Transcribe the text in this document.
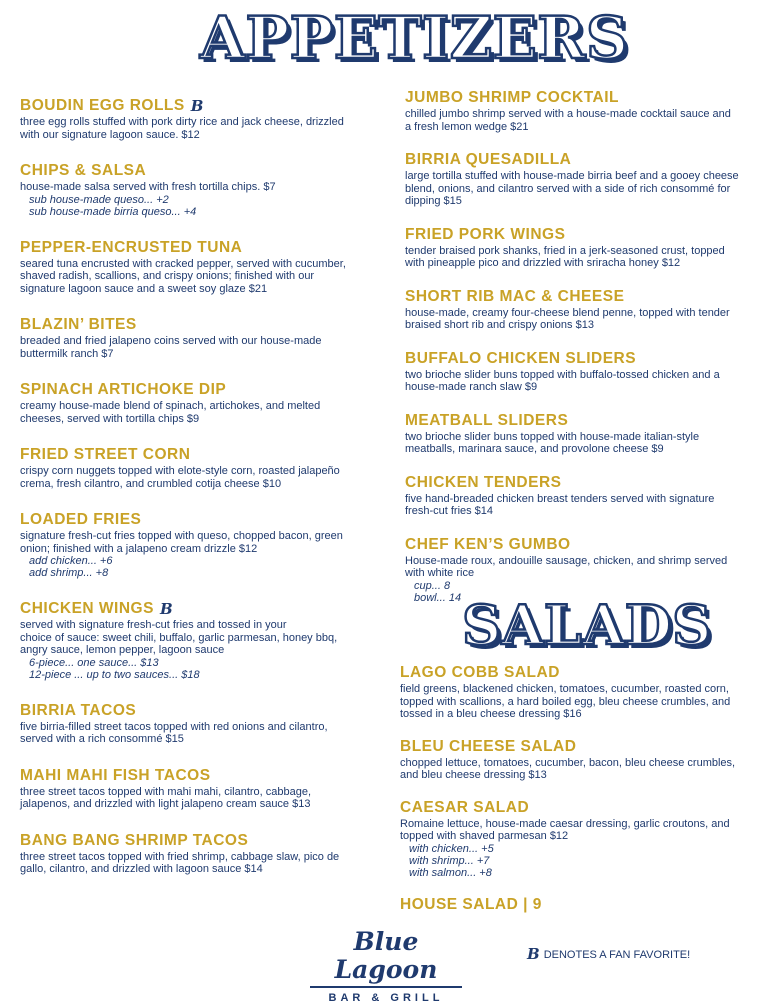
APPETIZERS
BOUDIN EGG ROLLS B
three egg rolls stuffed with pork dirty rice and jack cheese, drizzled
with our signature lagoon sauce. $12
CHIPS & SALSA
house-made salsa served with fresh tortilla chips. $7
sub house-made queso... +2
sub house-made birria queso... +4
PEPPER-ENCRUSTED TUNA
seared tuna encrusted with cracked pepper, served with cucumber,
shaved radish, scallions, and crispy onions; finished with our
signature lagoon sauce and a sweet soy glaze $21
BLAZIN’ BITES
breaded and fried jalapeno coins served with our house-made
buttermilk ranch $7
SPINACH ARTICHOKE DIP
creamy house-made blend of spinach, artichokes, and melted
cheeses, served with tortilla chips $9
FRIED STREET CORN
crispy corn nuggets topped with elote-style corn, roasted jalapeño
crema, fresh cilantro, and crumbled cotija cheese $10
LOADED FRIES
signature fresh-cut fries topped with queso, chopped bacon, green
onion; finished with a jalapeno cream drizzle $12
add chicken... +6
add shrimp... +8
CHICKEN WINGS B
served with signature fresh-cut fries and tossed in your
choice of sauce: sweet chili, buffalo, garlic parmesan, honey bbq,
angry sauce, lemon pepper, lagoon sauce
6-piece... one sauce... $13
12-piece ... up to two sauces... $18
BIRRIA TACOS
five birria-filled street tacos topped with red onions and cilantro,
served with a rich consommé $15
MAHI MAHI FISH TACOS
three street tacos topped with mahi mahi, cilantro, cabbage,
jalapenos, and drizzled with light jalapeno cream sauce $13
BANG BANG SHRIMP TACOS
three street tacos topped with fried shrimp, cabbage slaw, pico de
gallo, cilantro, and drizzled with lagoon sauce $14
JUMBO SHRIMP COCKTAIL
chilled jumbo shrimp served with a house-made cocktail sauce and
a fresh lemon wedge $21
BIRRIA QUESADILLA
large tortilla stuffed with house-made birria beef and a gooey cheese
blend, onions, and cilantro served with a side of rich consommé for
dipping $15
FRIED PORK WINGS
tender braised pork shanks, fried in a jerk-seasoned crust, topped
with pineapple pico and drizzled with sriracha honey $12
SHORT RIB MAC & CHEESE
house-made, creamy four-cheese blend penne, topped with tender
braised short rib and crispy onions $13
BUFFALO CHICKEN SLIDERS
two brioche slider buns topped with buffalo-tossed chicken and a
house-made ranch slaw $9
MEATBALL SLIDERS
two brioche slider buns topped with house-made italian-style
meatballs, marinara sauce, and provolone cheese $9
CHICKEN TENDERS
five hand-breaded chicken breast tenders served with signature
fresh-cut fries $14
CHEF KEN’S GUMBO
House-made roux, andouille sausage, chicken, and shrimp served
with white rice
cup... 8
bowl... 14 SALADS
LAGO COBB SALAD
field greens, blackened chicken, tomatoes, cucumber, roasted corn,
topped with scallions, a hard boiled egg, bleu cheese crumbles, and
tossed in a bleu cheese dressing $16
BLEU CHEESE SALAD
chopped lettuce, tomatoes, cucumber, bacon, bleu cheese crumbles,
and bleu cheese dressing $13
CAESAR SALAD
Romaine lettuce, house-made caesar dressing, garlic croutons, and
topped with shaved parmesan $12
with chicken... +5
with shrimp... +7
with salmon... +8
HOUSE SALAD | 9
Blue Lagoon
BAR & GRILL
B DENOTES A FAN FAVORITE!
